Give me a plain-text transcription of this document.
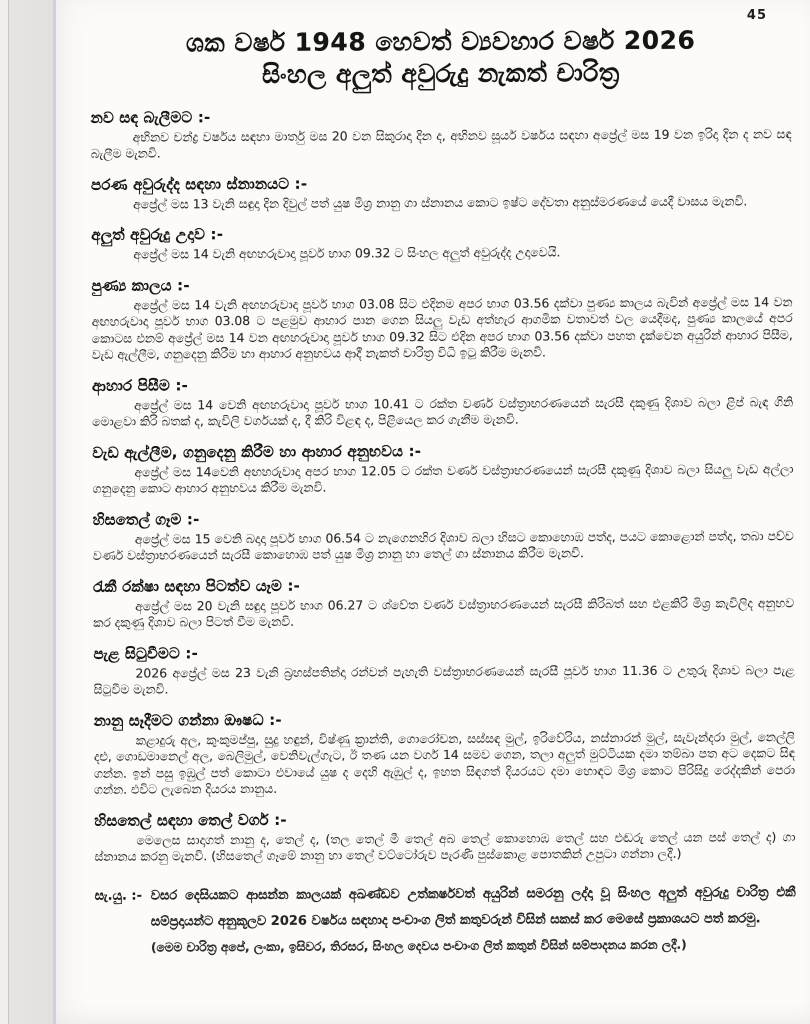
45
ශක වර්ෂ 1948 හෙවත් ව්‍යවහාර වර්ෂ 2026
සිංහල අලුත් අවුරුදු නැකත් චාරිත්‍ර
නව සඳ බැලීමට :-

අභිනව චන්ද්‍ර වර්ෂය සඳහා මාර්තු මස 20 වන සිකුරාදා දින ද, අභිනව සූර්ය වර්ෂය සඳහා අප්‍රේල් මස 19 වන ඉරිදා දින ද නව සඳ බැලීම මැනවි.

පරණ අවුරුද්ද සඳහා ස්නානයට :-

අප්‍රේල් මස 13 වැනි සඳුදා දින දිවුල් පත් යුෂ මිශ්‍ර නානු ගා ස්නානය කොට ඉෂ්ට දේවතා අනුස්මරණයේ යෙදී වාසය මැනවි.

අලුත් අවුරුදු උදාව :-

අප්‍රේල් මස 14 වැනි අඟහරුවාදා පූර්ව භාග 09.32 ට සිංහල අලුත් අවුරුද්ද උදාවෙයි.

පුණ්‍ය කාලය :-

අප්‍රේල් මස 14 වැනි අඟහරුවාදා පූර්ව භාග 03.08 සිට එදිනම අපර භාග 03.56 දක්වා පුණ්‍ය කාලය බැවින් අප්‍රේල් මස 14 වන අඟහරුවාදා පූර්ව භාග 03.08 ට පළමුව ආහාර පාන ගෙන සියලු වැඩ අත්හැර ආගමික වතාවත් වල යෙදීමද, පුණ්‍ය කාලයේ අපර කොටස එනම් අප්‍රේල් මස 14 වන අඟහරුවාදා පූර්ව භාග 09.32 සිට එදින අපර භාග 03.56 දක්වා පහත දැක්වෙන අයුරින් ආහාර පිසීම, වැඩ ඇල්ලීම, ගනුදෙනු කිරීම හා ආහාර අනුභවය ආදී නැකත් චාරිත්‍ර විධි ඉටු කිරීම මැනවි.

ආහාර පිසීම :-

අප්‍රේල් මස 14 වෙනි අඟහරුවාදා පූර්ව භාග 10.41 ට රක්ත වර්ණ වස්ත්‍රාභරණයෙන් සැරසී දකුණු දිශාව බලා ළිප් බැඳ ගිනි මොළවා කිරි බතක් ද, කැවිලි වර්ගයක් ද, දී කිරි විළඳ ද, පිළියෙල කර ගැනීම මැනවි.

වැඩ ඇල්ලීම, ගනුදෙනු කිරීම හා ආහාර අනුභවය :-

අප්‍රේල් මස 14වෙනි අඟහරුවාදා අපර භාග 12.05 ට රක්ත වර්ණ වස්ත්‍රාභරණයෙන් සැරසී දකුණු දිශාව බලා සියලු වැඩ අල්ලා ගනුදෙනු කොට ආහාර අනුභවය කිරීම මැනවි.

හිසතෙල් ගෑම :-

අප්‍රේල් මස 15 වෙනි බදාදා පූර්ව භාග 06.54 ට නැගෙනහිර දිශාව බලා හිසට කොහොඹ පත්ද, පයට කොළොන් පත්ද, තබා පච්ච වර්ණ වස්ත්‍රාභරණයෙන් සැරසී කොහොඹ පත් යුෂ මිශ්‍ර නානු හා තෙල් ගා ස්නානය කිරීම මැනවි.

රැකී රක්ෂා සඳහා පිටත්ව යෑම :-

අප්‍රේල් මස 20 වැනි සඳුදා පූර්ව භාග 06.27 ට ශ්වේත වර්ණ වස්ත්‍රාභරණයෙන් සැරසී කිරිබත් සහ එළකිරි මිශ්‍ර කැවිලිද අනුභව කර දකුණු දිශාව බලා පිටත් වීම මැනවි.

පැළ සිටුවීමට :-

2026 අප්‍රේල් මස 23 වැනි බ්‍රහස්පතින්දා රන්වන් පැහැති වස්ත්‍රාභරණයෙන් සැරසී පූර්ව භාග 11.36 ට උතුරු දිශාව බලා පැළ සිටුවීම මැනවි.

නානු සෑදීමට ගන්නා ඖෂධ :-

කළාදුරු අල, කුංකුමප්පු, සුදු හඳුන්, විෂ්ණු ක්‍රාන්ති, ගොරෝචන, සස්සඳ මුල්, ඉරිවේරිය, නස්නාරන් මුල්, සැවැන්දරා මුල්, නෙල්ලි දළු, ගොඩමානෙල් අල, බෙලිමුල්, වෙනිවැල්ගැට, ඊ තණ යන වර්ග 14 සමව ගෙන, තලා අලුත් මුට්ටියක දමා තම්බා පත අට දෙකට සිඳ ගන්න. ඉන් පසු ඉඹුල් පත් කොටා එවායේ යුෂ ද දෙහි ඇඹුල් ද, ඉහත සිඳගත් දියරයට දමා හොඳට මිශ්‍ර කොට පිරිසිදු රෙද්දකින් පෙරා ගන්න. එවිට ලැබෙන දියරය නානුය.

හිසතෙල් සඳහා තෙල් වර්ග :-

මෙලෙස සාදාගත් නානු ද, තෙල් ද, (තල තෙල් මී තෙල් අබ තෙල් කොහොඹ තෙල් සහ එඬරු තෙල් යන පස් තෙල් ද) ගා ස්නානය කරනු මැනවි. (හිසතෙල් ගෑමේ නානු හා තෙල් වට්ටෝරුව පැරණි පුස්කොළ පොතකින් උපුටා ගන්නා ලදී.)

සැ.යු. :- වසර දෙසියකට ආසන්න කාලයක් අඛණ්ඩව උත්කර්ෂවත් අයුරින් සමරනු ලද්දා වූ සිංහල අලුත් අවුරුදු චාරිත්‍ර එකී සම්ප්‍රදායන්ට අනුකූලව 2026 වර්ෂය සඳහාද පංචාංග ලිත් කතුවරුන් විසින් සකස් කර මෙසේ ප්‍රකාශයට පත් කරමු.

(මෙම චාරිත්‍ර අපේ, ලංකා, ඉසිවර, තිරසර, සිංහල දෙවය පංචාංග ලිත් කතුන් විසින් සම්පාදනය කරන ලදී.)
